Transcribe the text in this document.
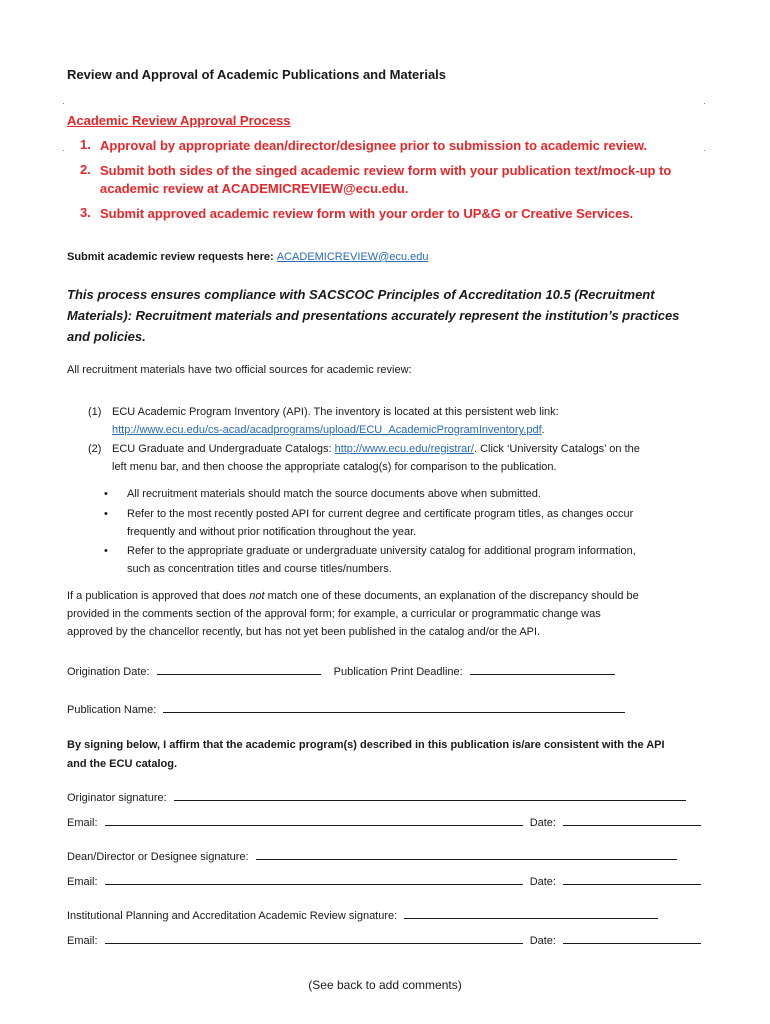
Review and Approval of Academic Publications and Materials
Academic Review Approval Process
1. Approval by appropriate dean/director/designee prior to submission to academic review.
2. Submit both sides of the singed academic review form with your publication text/mock-up to
academic review at ACADEMICREVIEW@ecu.edu.
3. Submit approved academic review form with your order to UP&G or Creative Services.
Submit academic review requests here: ACADEMICREVIEW@ecu.edu
This process ensures compliance with SACSCOC Principles of Accreditation 10.5 (Recruitment
Materials): Recruitment materials and presentations accurately represent the institution’s practices
and policies.
All recruitment materials have two official sources for academic review:
(1) ECU Academic Program Inventory (API). The inventory is located at this persistent web link:
http://www.ecu.edu/cs-acad/acadprograms/upload/ECU_AcademicProgramInventory.pdf.
(2) ECU Graduate and Undergraduate Catalogs: http://www.ecu.edu/registrar/. Click ‘University Catalogs’ on the
left menu bar, and then choose the appropriate catalog(s) for comparison to the publication.
• All recruitment materials should match the source documents above when submitted.
• Refer to the most recently posted API for current degree and certificate program titles, as changes occur
frequently and without prior notification throughout the year.
• Refer to the appropriate graduate or undergraduate university catalog for additional program information,
such as concentration titles and course titles/numbers.
If a publication is approved that does not match one of these documents, an explanation of the discrepancy should be
provided in the comments section of the approval form; for example, a curricular or programmatic change was
approved by the chancellor recently, but has not yet been published in the catalog and/or the API.
Origination Date:	Publication Print Deadline:
Publication Name:
By signing below, I affirm that the academic program(s) described in this publication is/are consistent with the API
and the ECU catalog.
Originator signature:
Email:	Date:
Dean/Director or Designee signature:
Email:	Date:
Institutional Planning and Accreditation Academic Review signature:
Email:	Date:
(See back to add comments)
